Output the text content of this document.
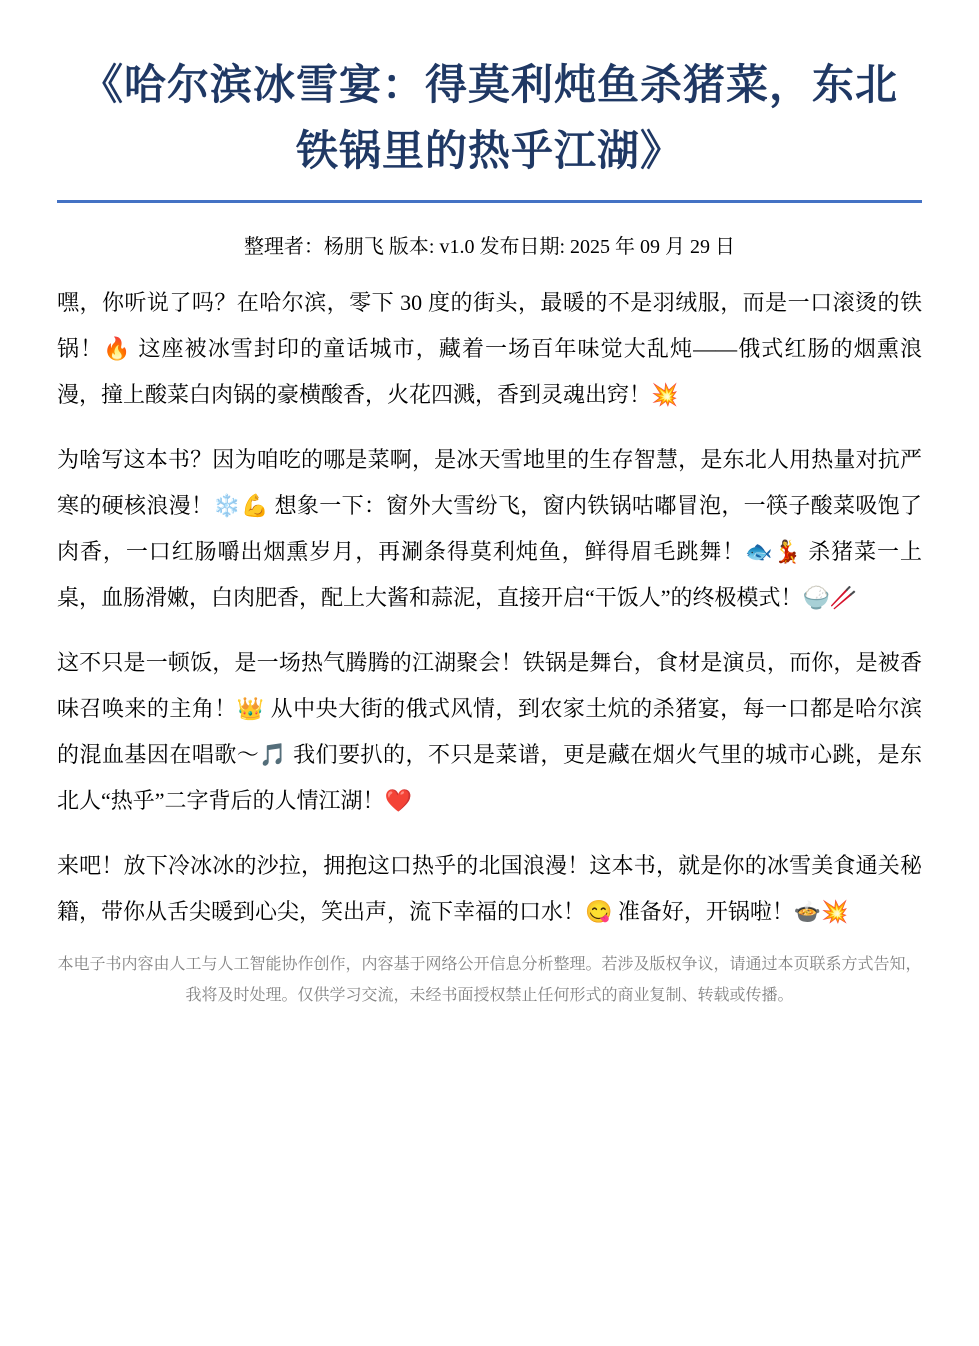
《哈尔滨冰雪宴：得莫利炖鱼杀猪菜，东北铁锅里的热乎江湖》

整理者：杨朋飞 版本: v1.0 发布日期: 2025 年 09 月 29 日

嘿，你听说了吗？在哈尔滨，零下 30 度的街头，最暖的不是羽绒服，而是一口滚烫的铁锅！🔥 这座被冰雪封印的童话城市，藏着一场百年味觉大乱炖——俄式红肠的烟熏浪漫，撞上酸菜白肉锅的豪横酸香，火花四溅，香到灵魂出窍！💥

为啥写这本书？因为咱吃的哪是菜啊，是冰天雪地里的生存智慧，是东北人用热量对抗严寒的硬核浪漫！❄️💪 想象一下：窗外大雪纷飞，窗内铁锅咕嘟冒泡，一筷子酸菜吸饱了肉香，一口红肠嚼出烟熏岁月，再涮条得莫利炖鱼，鲜得眉毛跳舞！🐟💃 杀猪菜一上桌，血肠滑嫩，白肉肥香，配上大酱和蒜泥，直接开启“干饭人”的终极模式！🍚🥢

这不只是一顿饭，是一场热气腾腾的江湖聚会！铁锅是舞台，食材是演员，而你，是被香味召唤来的主角！👑 从中央大街的俄式风情，到农家土炕的杀猪宴，每一口都是哈尔滨的混血基因在唱歌～🎵 我们要扒的，不只是菜谱，更是藏在烟火气里的城市心跳，是东北人“热乎”二字背后的人情江湖！❤️

来吧！放下冷冰冰的沙拉，拥抱这口热乎的北国浪漫！这本书，就是你的冰雪美食通关秘籍，带你从舌尖暖到心尖，笑出声，流下幸福的口水！😋 准备好，开锅啦！🍲💥

本电子书内容由人工与人工智能协作创作，内容基于网络公开信息分析整理。若涉及版权争议，请通过本页联系方式告知，我将及时处理。仅供学习交流，未经书面授权禁止任何形式的商业复制、转载或传播。
